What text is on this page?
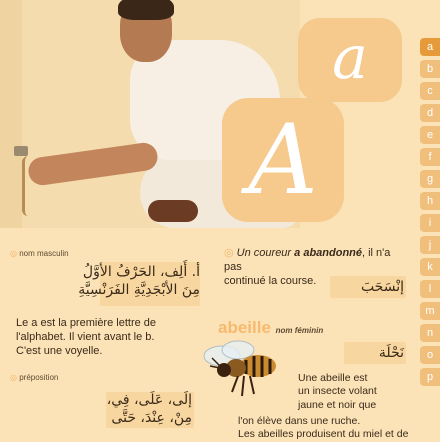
a
A
a
b
c
d
e
f
g
h
i
j
k
l
m
n
o
p
◎ nom masculin
أ. أَلِف، الحَرْفُ الأوَّلُ مِنَ الأبْجَدِيَّةِ الفَرَنْسِيَّةِ
Le a est la première lettre de
l'alphabet. Il vient avant le b.
C'est une voyelle.
◎ préposition
إلَى، عَلَى، فِي، مِنْ، عِنْدَ، حَتَّى
◎ Un coureur a abandonné, il n'a pas
continué la course.	إنْسَحَبَ
abeille nom féminin
نَحْلَة
Une abeille est
un insecte volant
jaune et noir que
l'on élève dans une ruche.
Les abeilles produisent du miel et de
